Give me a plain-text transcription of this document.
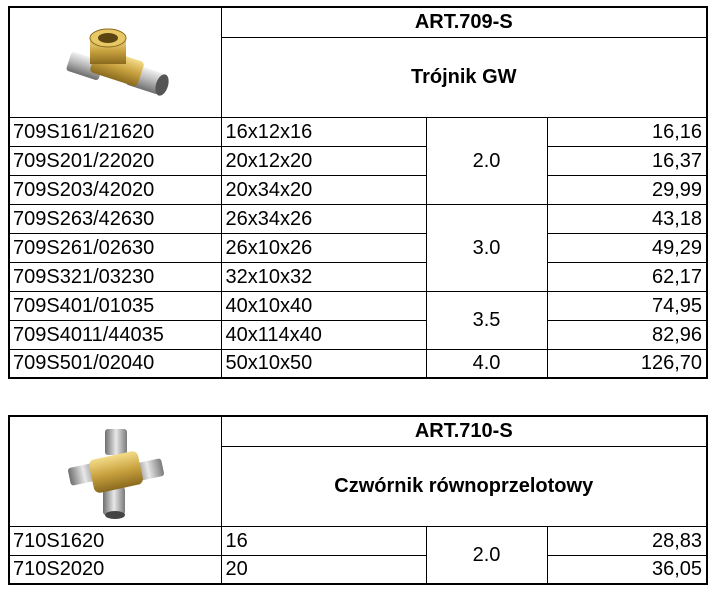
	ART.709-S		
	Trójnik GW		
709S161/21620	16x12x16	2.0	16,16
709S201/22020	20x12x20		16,37
709S203/42020	20x34x20		29,99
709S263/42630	26x34x26	3.0	43,18
709S261/02630	26x10x26		49,29
709S321/03230	32x10x32		62,17
709S401/01035	40x10x40	3.5	74,95
709S4011/44035	40x114x40		82,96
709S501/02040	50x10x50	4.0	126,70
	ART.710-S		
	Czwórnik równoprzelotowy		
710S1620	16	2.0	28,83
710S2020	20		36,05
